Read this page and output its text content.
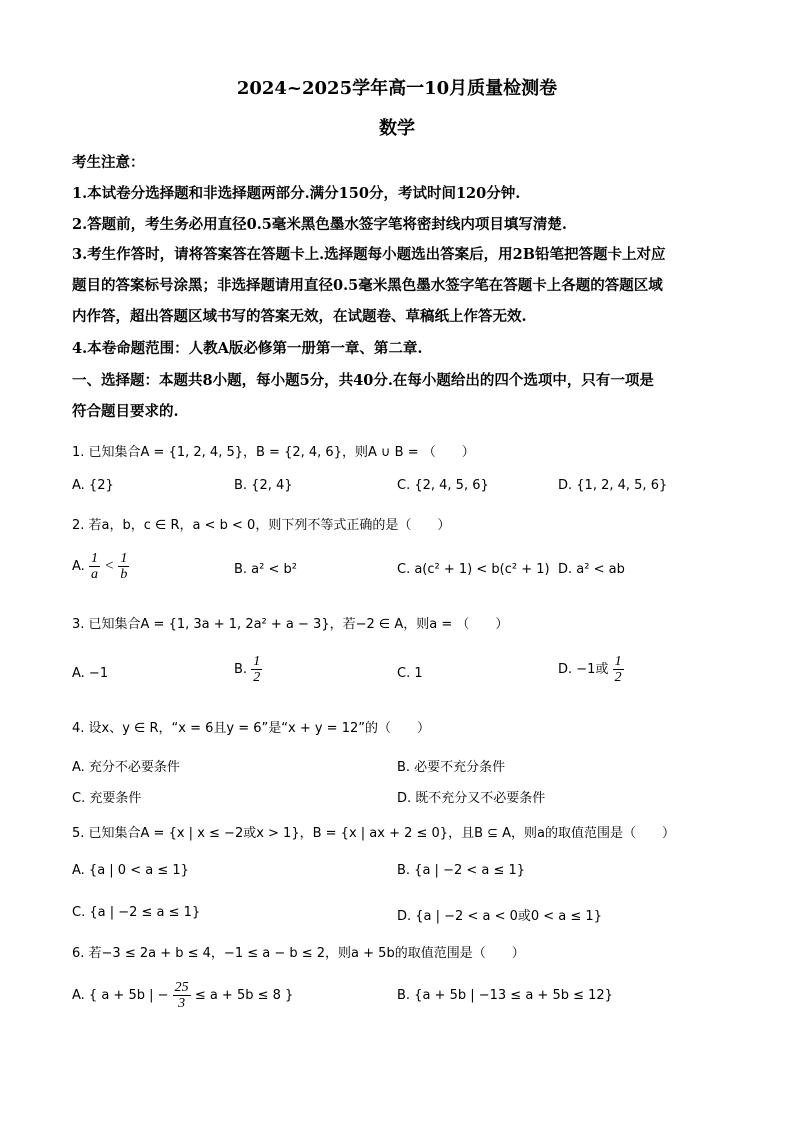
2024~2025学年高一10月质量检测卷
数学
考生注意：
1.本试卷分选择题和非选择题两部分.满分150分，考试时间120分钟.
2.答题前，考生务必用直径0.5毫米黑色墨水签字笔将密封线内项目填写清楚.
3.考生作答时，请将答案答在答题卡上.选择题每小题选出答案后，用2B铅笔把答题卡上对应
题目的答案标号涂黑；非选择题请用直径0.5毫米黑色墨水签字笔在答题卡上各题的答题区域
内作答，超出答题区域书写的答案无效，在试题卷、草稿纸上作答无效.
4.本卷命题范围：人教A版必修第一册第一章、第二章.
一、选择题：本题共8小题，每小题5分，共40分.在每小题给出的四个选项中，只有一项是
符合题目要求的.
1. 已知集合A = {1, 2, 4, 5}，B = {2, 4, 6}，则A ∪ B = （　　）
A. {2}	B. {2, 4}	C. {2, 4, 5, 6}	D. {1, 2, 4, 5, 6}
2. 若a，b，c ∈ R，a < b < 0，则下列不等式正确的是（　　）
A. $\frac{1}{a} < \frac{1}{b}$	B. a² < b²	C. a(c² + 1) < b(c² + 1) D. a² < ab
3. 已知集合A = {1, 3a + 1, 2a² + a − 3}，若−2 ∈ A，则a = （　　）
A. −1	B. $\frac{1}{2}$	C. 1	D. −1或 $\frac{1}{2}$
4. 设x、y ∈ R，“x = 6且y = 6”是“x + y = 12”的（　　）
A. 充分不必要条件	B. 必要不充分条件
C. 充要条件	D. 既不充分又不必要条件
5. 已知集合A = {x | x ≤ −2或x > 1}，B = {x | ax + 2 ≤ 0}，且B ⊆ A，则a的取值范围是（　　）
A. {a | 0 < a ≤ 1}	B. {a | −2 < a ≤ 1}
C. {a | −2 ≤ a ≤ 1}	D. {a | −2 < a < 0或0 < a ≤ 1}
6. 若−3 ≤ 2a + b ≤ 4，−1 ≤ a − b ≤ 2，则a + 5b的取值范围是（　　）
A. { a + 5b | − $\frac{25}{3} \le a + 5b \le 8$ }	B. {a + 5b | −13 ≤ a + 5b ≤ 12}
